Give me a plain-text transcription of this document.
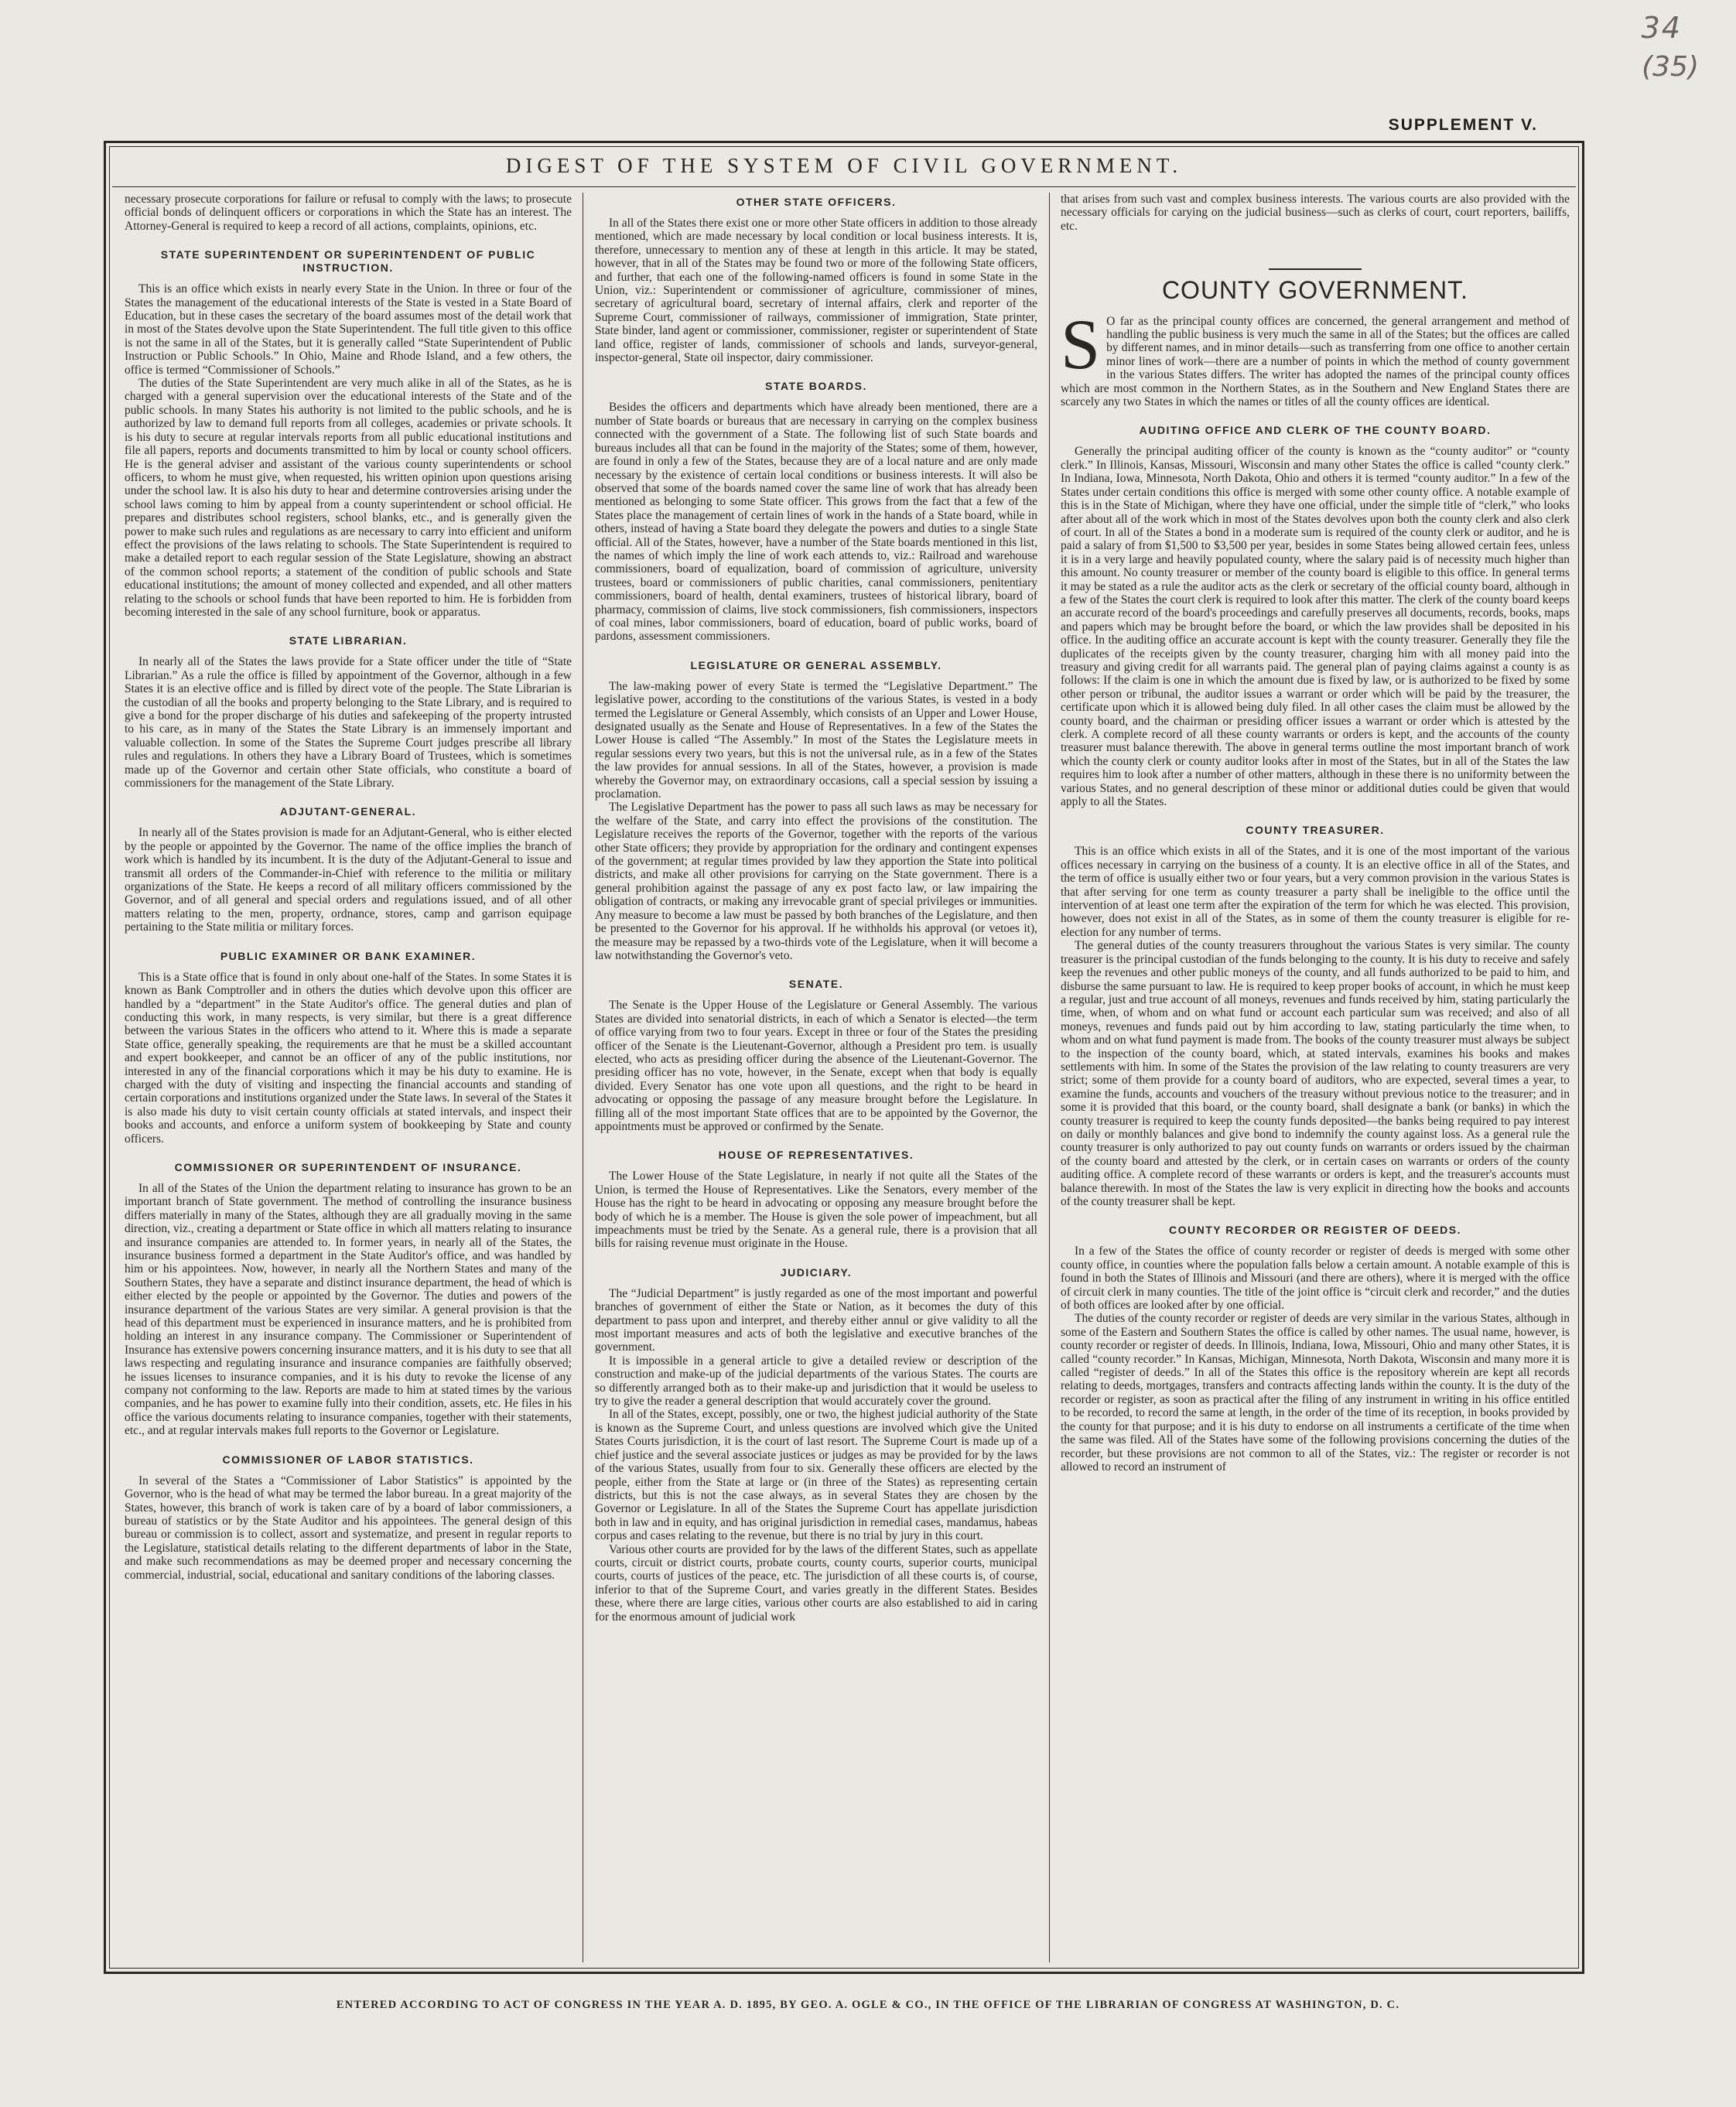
34
(35)
SUPPLEMENT V.
DIGEST OF THE SYSTEM OF CIVIL GOVERNMENT.

necessary prosecute corporations for failure or refusal to comply with the laws; to prosecute official bonds of delinquent officers or corporations in which the State has an interest. The Attorney-General is required to keep a record of all actions, complaints, opinions, etc.

STATE SUPERINTENDENT OR SUPERINTENDENT OF PUBLIC INSTRUCTION.

This is an office which exists in nearly every State in the Union. In three or four of the States the management of the educational interests of the State is vested in a State Board of Education, but in these cases the secretary of the board assumes most of the detail work that in most of the States devolve upon the State Superintendent. The full title given to this office is not the same in all of the States, but it is generally called “State Superintendent of Public Instruction or Public Schools.” In Ohio, Maine and Rhode Island, and a few others, the office is termed “Commissioner of Schools.”

The duties of the State Superintendent are very much alike in all of the States, as he is charged with a general supervision over the educational interests of the State and of the public schools. In many States his authority is not limited to the public schools, and he is authorized by law to demand full reports from all colleges, academies or private schools. It is his duty to secure at regular intervals reports from all public educational institutions and file all papers, reports and documents transmitted to him by local or county school officers. He is the general adviser and assistant of the various county superintendents or school officers, to whom he must give, when requested, his written opinion upon questions arising under the school law. It is also his duty to hear and determine controversies arising under the school laws coming to him by appeal from a county superintendent or school official. He prepares and distributes school registers, school blanks, etc., and is generally given the power to make such rules and regulations as are necessary to carry into efficient and uniform effect the provisions of the laws relating to schools. The State Superintendent is required to make a detailed report to each regular session of the State Legislature, showing an abstract of the common school reports; a statement of the condition of public schools and State educational institutions; the amount of money collected and expended, and all other matters relating to the schools or school funds that have been reported to him. He is forbidden from becoming interested in the sale of any school furniture, book or apparatus.

STATE LIBRARIAN.

In nearly all of the States the laws provide for a State officer under the title of “State Librarian.” As a rule the office is filled by appointment of the Governor, although in a few States it is an elective office and is filled by direct vote of the people. The State Librarian is the custodian of all the books and property belonging to the State Library, and is required to give a bond for the proper discharge of his duties and safekeeping of the property intrusted to his care, as in many of the States the State Library is an immensely important and valuable collection. In some of the States the Supreme Court judges prescribe all library rules and regulations. In others they have a Library Board of Trustees, which is sometimes made up of the Governor and certain other State officials, who constitute a board of commissioners for the management of the State Library.

ADJUTANT-GENERAL.

In nearly all of the States provision is made for an Adjutant-General, who is either elected by the people or appointed by the Governor. The name of the office implies the branch of work which is handled by its incumbent. It is the duty of the Adjutant-General to issue and transmit all orders of the Commander-in-Chief with reference to the militia or military organizations of the State. He keeps a record of all military officers commissioned by the Governor, and of all general and special orders and regulations issued, and of all other matters relating to the men, property, ordnance, stores, camp and garrison equipage pertaining to the State militia or military forces.

PUBLIC EXAMINER OR BANK EXAMINER.

This is a State office that is found in only about one-half of the States. In some States it is known as Bank Comptroller and in others the duties which devolve upon this officer are handled by a “department” in the State Auditor's office. The general duties and plan of conducting this work, in many respects, is very similar, but there is a great difference between the various States in the officers who attend to it. Where this is made a separate State office, generally speaking, the requirements are that he must be a skilled accountant and expert bookkeeper, and cannot be an officer of any of the public institutions, nor interested in any of the financial corporations which it may be his duty to examine. He is charged with the duty of visiting and inspecting the financial accounts and standing of certain corporations and institutions organized under the State laws. In several of the States it is also made his duty to visit certain county officials at stated intervals, and inspect their books and accounts, and enforce a uniform system of bookkeeping by State and county officers.

COMMISSIONER OR SUPERINTENDENT OF INSURANCE.

In all of the States of the Union the department relating to insurance has grown to be an important branch of State government. The method of controlling the insurance business differs materially in many of the States, although they are all gradually moving in the same direction, viz., creating a department or State office in which all matters relating to insurance and insurance companies are attended to. In former years, in nearly all of the States, the insurance business formed a department in the State Auditor's office, and was handled by him or his appointees. Now, however, in nearly all the Northern States and many of the Southern States, they have a separate and distinct insurance department, the head of which is either elected by the people or appointed by the Governor. The duties and powers of the insurance department of the various States are very similar. A general provision is that the head of this department must be experienced in insurance matters, and he is prohibited from holding an interest in any insurance company. The Commissioner or Superintendent of Insurance has extensive powers concerning insurance matters, and it is his duty to see that all laws respecting and regulating insurance and insurance companies are faithfully observed; he issues licenses to insurance companies, and it is his duty to revoke the license of any company not conforming to the law. Reports are made to him at stated times by the various companies, and he has power to examine fully into their condition, assets, etc. He files in his office the various documents relating to insurance companies, together with their statements, etc., and at regular intervals makes full reports to the Governor or Legislature.

COMMISSIONER OF LABOR STATISTICS.

In several of the States a “Commissioner of Labor Statistics” is appointed by the Governor, who is the head of what may be termed the labor bureau. In a great majority of the States, however, this branch of work is taken care of by a board of labor commissioners, a bureau of statistics or by the State Auditor and his appointees. The general design of this bureau or commission is to collect, assort and systematize, and present in regular reports to the Legislature, statistical details relating to the different departments of labor in the State, and make such recommendations as may be deemed proper and necessary concerning the commercial, industrial, social, educational and sanitary conditions of the laboring classes.

OTHER STATE OFFICERS.

In all of the States there exist one or more other State officers in addition to those already mentioned, which are made necessary by local condition or local business interests. It is, therefore, unnecessary to mention any of these at length in this article. It may be stated, however, that in all of the States may be found two or more of the following State officers, and further, that each one of the following-named officers is found in some State in the Union, viz.: Superintendent or commissioner of agriculture, commissioner of mines, secretary of agricultural board, secretary of internal affairs, clerk and reporter of the Supreme Court, commissioner of railways, commissioner of immigration, State printer, State binder, land agent or commissioner, commissioner, register or superintendent of State land office, register of lands, commissioner of schools and lands, surveyor-general, inspector-general, State oil inspector, dairy commissioner.

STATE BOARDS.

Besides the officers and departments which have already been mentioned, there are a number of State boards or bureaus that are necessary in carrying on the complex business connected with the government of a State. The following list of such State boards and bureaus includes all that can be found in the majority of the States; some of them, however, are found in only a few of the States, because they are of a local nature and are only made necessary by the existence of certain local conditions or business interests. It will also be observed that some of the boards named cover the same line of work that has already been mentioned as belonging to some State officer. This grows from the fact that a few of the States place the management of certain lines of work in the hands of a State board, while in others, instead of having a State board they delegate the powers and duties to a single State official. All of the States, however, have a number of the State boards mentioned in this list, the names of which imply the line of work each attends to, viz.: Railroad and warehouse commissioners, board of equalization, board of commission of agriculture, university trustees, board or commissioners of public charities, canal commissioners, penitentiary commissioners, board of health, dental examiners, trustees of historical library, board of pharmacy, commission of claims, live stock commissioners, fish commissioners, inspectors of coal mines, labor commissioners, board of education, board of public works, board of pardons, assessment commissioners.

LEGISLATURE OR GENERAL ASSEMBLY.

The law-making power of every State is termed the “Legislative Department.” The legislative power, according to the constitutions of the various States, is vested in a body termed the Legislature or General Assembly, which consists of an Upper and Lower House, designated usually as the Senate and House of Representatives. In a few of the States the Lower House is called “The Assembly.” In most of the States the Legislature meets in regular sessions every two years, but this is not the universal rule, as in a few of the States the law provides for annual sessions. In all of the States, however, a provision is made whereby the Governor may, on extraordinary occasions, call a special session by issuing a proclamation.

The Legislative Department has the power to pass all such laws as may be necessary for the welfare of the State, and carry into effect the provisions of the constitution. The Legislature receives the reports of the Governor, together with the reports of the various other State officers; they provide by appropriation for the ordinary and contingent expenses of the government; at regular times provided by law they apportion the State into political districts, and make all other provisions for carrying on the State government. There is a general prohibition against the passage of any ex post facto law, or law impairing the obligation of contracts, or making any irrevocable grant of special privileges or immunities. Any measure to become a law must be passed by both branches of the Legislature, and then be presented to the Governor for his approval. If he withholds his approval (or vetoes it), the measure may be repassed by a two-thirds vote of the Legislature, when it will become a law notwithstanding the Governor's veto.

SENATE.

The Senate is the Upper House of the Legislature or General Assembly. The various States are divided into senatorial districts, in each of which a Senator is elected—the term of office varying from two to four years. Except in three or four of the States the presiding officer of the Senate is the Lieutenant-Governor, although a President pro tem. is usually elected, who acts as presiding officer during the absence of the Lieutenant-Governor. The presiding officer has no vote, however, in the Senate, except when that body is equally divided. Every Senator has one vote upon all questions, and the right to be heard in advocating or opposing the passage of any measure brought before the Legislature. In filling all of the most important State offices that are to be appointed by the Governor, the appointments must be approved or confirmed by the Senate.

HOUSE OF REPRESENTATIVES.

The Lower House of the State Legislature, in nearly if not quite all the States of the Union, is termed the House of Representatives. Like the Senators, every member of the House has the right to be heard in advocating or opposing any measure brought before the body of which he is a member. The House is given the sole power of impeachment, but all impeachments must be tried by the Senate. As a general rule, there is a provision that all bills for raising revenue must originate in the House.

JUDICIARY.

The “Judicial Department” is justly regarded as one of the most important and powerful branches of government of either the State or Nation, as it becomes the duty of this department to pass upon and interpret, and thereby either annul or give validity to all the most important measures and acts of both the legislative and executive branches of the government.

It is impossible in a general article to give a detailed review or description of the construction and make-up of the judicial departments of the various States. The courts are so differently arranged both as to their make-up and jurisdiction that it would be useless to try to give the reader a general description that would accurately cover the ground.

In all of the States, except, possibly, one or two, the highest judicial authority of the State is known as the Supreme Court, and unless questions are involved which give the United States Courts jurisdiction, it is the court of last resort. The Supreme Court is made up of a chief justice and the several associate justices or judges as may be provided for by the laws of the various States, usually from four to six. Generally these officers are elected by the people, either from the State at large or (in three of the States) as representing certain districts, but this is not the case always, as in several States they are chosen by the Governor or Legislature. In all of the States the Supreme Court has appellate jurisdiction both in law and in equity, and has original jurisdiction in remedial cases, mandamus, habeas corpus and cases relating to the revenue, but there is no trial by jury in this court.

Various other courts are provided for by the laws of the different States, such as appellate courts, circuit or district courts, probate courts, county courts, superior courts, municipal courts, courts of justices of the peace, etc. The jurisdiction of all these courts is, of course, inferior to that of the Supreme Court, and varies greatly in the different States. Besides these, where there are large cities, various other courts are also established to aid in caring for the enormous amount of judicial work

that arises from such vast and complex business interests. The various courts are also provided with the necessary officials for carying on the judicial business—such as clerks of court, court reporters, bailiffs, etc.

COUNTY GOVERNMENT.

S O far as the principal county offices are concerned, the general arrangement and method of handling the public business is very much the same in all of the States; but the offices are called by different names, and in minor details—such as transferring from one office to another certain minor lines of work—there are a number of points in which the method of county government in the various States differs. The writer has adopted the names of the principal county offices which are most common in the Northern States, as in the Southern and New England States there are scarcely any two States in which the names or titles of all the county offices are identical.

AUDITING OFFICE AND CLERK OF THE COUNTY BOARD.

Generally the principal auditing officer of the county is known as the “county auditor” or “county clerk.” In Illinois, Kansas, Missouri, Wisconsin and many other States the office is called “county clerk.” In Indiana, Iowa, Minnesota, North Dakota, Ohio and others it is termed “county auditor.” In a few of the States under certain conditions this office is merged with some other county office. A notable example of this is in the State of Michigan, where they have one official, under the simple title of “clerk,” who looks after about all of the work which in most of the States devolves upon both the county clerk and also clerk of court. In all of the States a bond in a moderate sum is required of the county clerk or auditor, and he is paid a salary of from $1,500 to $3,500 per year, besides in some States being allowed certain fees, unless it is in a very large and heavily populated county, where the salary paid is of necessity much higher than this amount. No county treasurer or member of the county board is eligible to this office. In general terms it may be stated as a rule the auditor acts as the clerk or secretary of the official county board, although in a few of the States the court clerk is required to look after this matter. The clerk of the county board keeps an accurate record of the board's proceedings and carefully preserves all documents, records, books, maps and papers which may be brought before the board, or which the law provides shall be deposited in his office. In the auditing office an accurate account is kept with the county treasurer. Generally they file the duplicates of the receipts given by the county treasurer, charging him with all money paid into the treasury and giving credit for all warrants paid. The general plan of paying claims against a county is as follows: If the claim is one in which the amount due is fixed by law, or is authorized to be fixed by some other person or tribunal, the auditor issues a warrant or order which will be paid by the treasurer, the certificate upon which it is allowed being duly filed. In all other cases the claim must be allowed by the county board, and the chairman or presiding officer issues a warrant or order which is attested by the clerk. A complete record of all these county warrants or orders is kept, and the accounts of the county treasurer must balance therewith. The above in general terms outline the most important branch of work which the county clerk or county auditor looks after in most of the States, but in all of the States the law requires him to look after a number of other matters, although in these there is no uniformity between the various States, and no general description of these minor or additional duties could be given that would apply to all the States.

COUNTY TREASURER.

This is an office which exists in all of the States, and it is one of the most important of the various offices necessary in carrying on the business of a county. It is an elective office in all of the States, and the term of office is usually either two or four years, but a very common provision in the various States is that after serving for one term as county treasurer a party shall be ineligible to the office until the intervention of at least one term after the expiration of the term for which he was elected. This provision, however, does not exist in all of the States, as in some of them the county treasurer is eligible for re-election for any number of terms.

The general duties of the county treasurers throughout the various States is very similar. The county treasurer is the principal custodian of the funds belonging to the county. It is his duty to receive and safely keep the revenues and other public moneys of the county, and all funds authorized to be paid to him, and disburse the same pursuant to law. He is required to keep proper books of account, in which he must keep a regular, just and true account of all moneys, revenues and funds received by him, stating particularly the time, when, of whom and on what fund or account each particular sum was received; and also of all moneys, revenues and funds paid out by him according to law, stating particularly the time when, to whom and on what fund payment is made from. The books of the county treasurer must always be subject to the inspection of the county board, which, at stated intervals, examines his books and makes settlements with him. In some of the States the provision of the law relating to county treasurers are very strict; some of them provide for a county board of auditors, who are expected, several times a year, to examine the funds, accounts and vouchers of the treasury without previous notice to the treasurer; and in some it is provided that this board, or the county board, shall designate a bank (or banks) in which the county treasurer is required to keep the county funds deposited—the banks being required to pay interest on daily or monthly balances and give bond to indemnify the county against loss. As a general rule the county treasurer is only authorized to pay out county funds on warrants or orders issued by the chairman of the county board and attested by the clerk, or in certain cases on warrants or orders of the county auditing office. A complete record of these warrants or orders is kept, and the treasurer's accounts must balance therewith. In most of the States the law is very explicit in directing how the books and accounts of the county treasurer shall be kept.

COUNTY RECORDER OR REGISTER OF DEEDS.

In a few of the States the office of county recorder or register of deeds is merged with some other county office, in counties where the population falls below a certain amount. A notable example of this is found in both the States of Illinois and Missouri (and there are others), where it is merged with the office of circuit clerk in many counties. The title of the joint office is “circuit clerk and recorder,” and the duties of both offices are looked after by one official.

The duties of the county recorder or register of deeds are very similar in the various States, although in some of the Eastern and Southern States the office is called by other names. The usual name, however, is county recorder or register of deeds. In Illinois, Indiana, Iowa, Missouri, Ohio and many other States, it is called “county recorder.” In Kansas, Michigan, Minnesota, North Dakota, Wisconsin and many more it is called “register of deeds.” In all of the States this office is the repository wherein are kept all records relating to deeds, mortgages, transfers and contracts affecting lands within the county. It is the duty of the recorder or register, as soon as practical after the filing of any instrument in writing in his office entitled to be recorded, to record the same at length, in the order of the time of its reception, in books provided by the county for that purpose; and it is his duty to endorse on all instruments a certificate of the time when the same was filed. All of the States have some of the following provisions concerning the duties of the recorder, but these provisions are not common to all of the States, viz.: The register or recorder is not allowed to record an instrument of

ENTERED ACCORDING TO ACT OF CONGRESS IN THE YEAR A. D. 1895, BY GEO. A. OGLE & CO., IN THE OFFICE OF THE LIBRARIAN OF CONGRESS AT WASHINGTON, D. C.
